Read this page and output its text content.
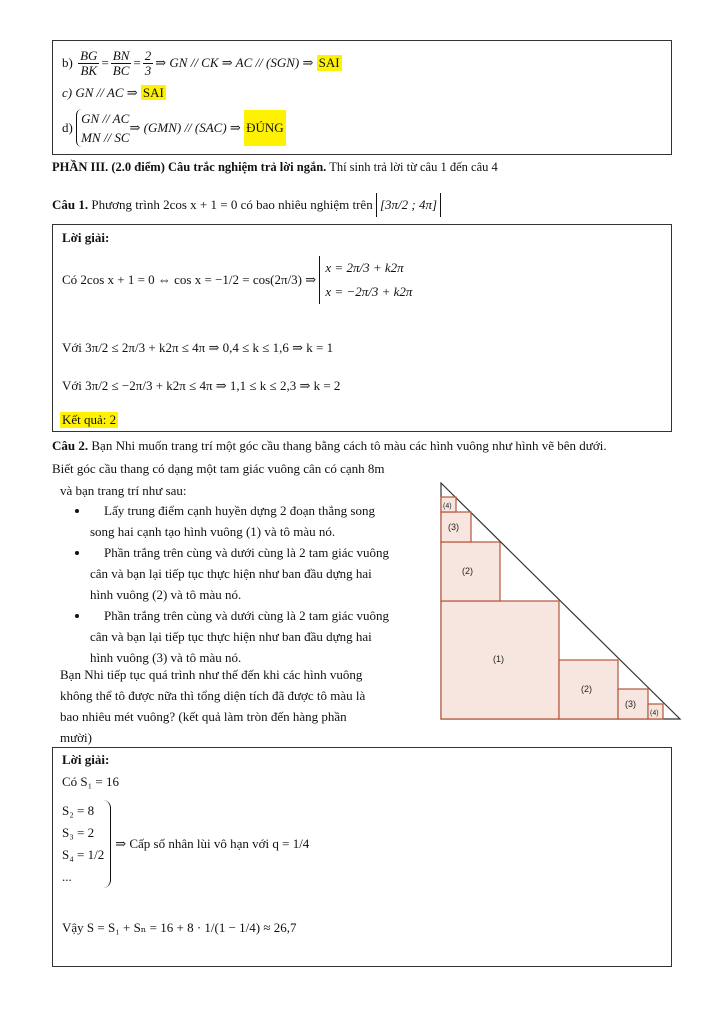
b)
$\frac{BG}{BK} = \frac{BN}{BC} = \frac{2}{3}$ ⇒ GN // CK ⇒ AC // (SGN) ⇒
SAI
c) GN // AC ⇒ SAI
d)

GN // AC
MN // SC
⇒ (GMN) // (SAC) ⇒
ĐÚNG
PHẦN III. (2.0 điểm) Câu trắc nghiệm trả lời ngắn. Thí sinh trả lời từ câu 1 đến câu 4
Câu 1.
Phương trình 2cos x + 1 = 0 có bao nhiêu nghiệm trên
[3π/2 ; 4π]
Lời giải:
Có 2cos x + 1 = 0 ⇔ cos x = −1/2 = cos(2π/3) ⇒

x = 2π/3 + k2π
x = −2π/3 + k2π
Với 3π/2 ≤ 2π/3 + k2π ≤ 4π ⇒ 0,4 ≤ k ≤ 1,6 ⇒ k = 1
Với 3π/2 ≤ −2π/3 + k2π ≤ 4π ⇒ 1,1 ≤ k ≤ 2,3 ⇒ k = 2
Kết quả: 2
Câu 2. Bạn Nhi muốn trang trí một góc cầu thang bằng cách tô màu các hình vuông như hình vẽ bên dưới.
Biết góc cầu thang có dạng một tam giác vuông cân có cạnh 8m
và bạn trang trí như sau:
• Lấy trung điểm cạnh huyền dựng 2 đoạn thẳng song
song hai cạnh tạo hình vuông (1) và tô màu nó.
• Phần trắng trên cùng và dưới cùng là 2 tam giác vuông
cân và bạn lại tiếp tục thực hiện như ban đầu dựng hai
hình vuông (2) và tô màu nó.
• Phần trắng trên cùng và dưới cùng là 2 tam giác vuông
cân và bạn lại tiếp tục thực hiện như ban đầu dựng hai
hình vuông (3) và tô màu nó.
Bạn Nhi tiếp tục quá trình như thế đến khi các hình vuông
không thể tô được nữa thì tổng diện tích đã được tô màu là
bao nhiêu mét vuông? (kết quả làm tròn đến hàng phần
mười)
(1)
(2)
(2)
(3)
(3)
(4)
(4)
Lời giải:
Có S₁ = 16
S₂ = 8
S₃ = 2
S₄ = 1/2
...
⇒ Cấp số nhân lùi vô hạn với q = 1/4
Vậy S = S₁ + Sₙ = 16 + 8 · 1/(1 − 1/4) ≈ 26,7
